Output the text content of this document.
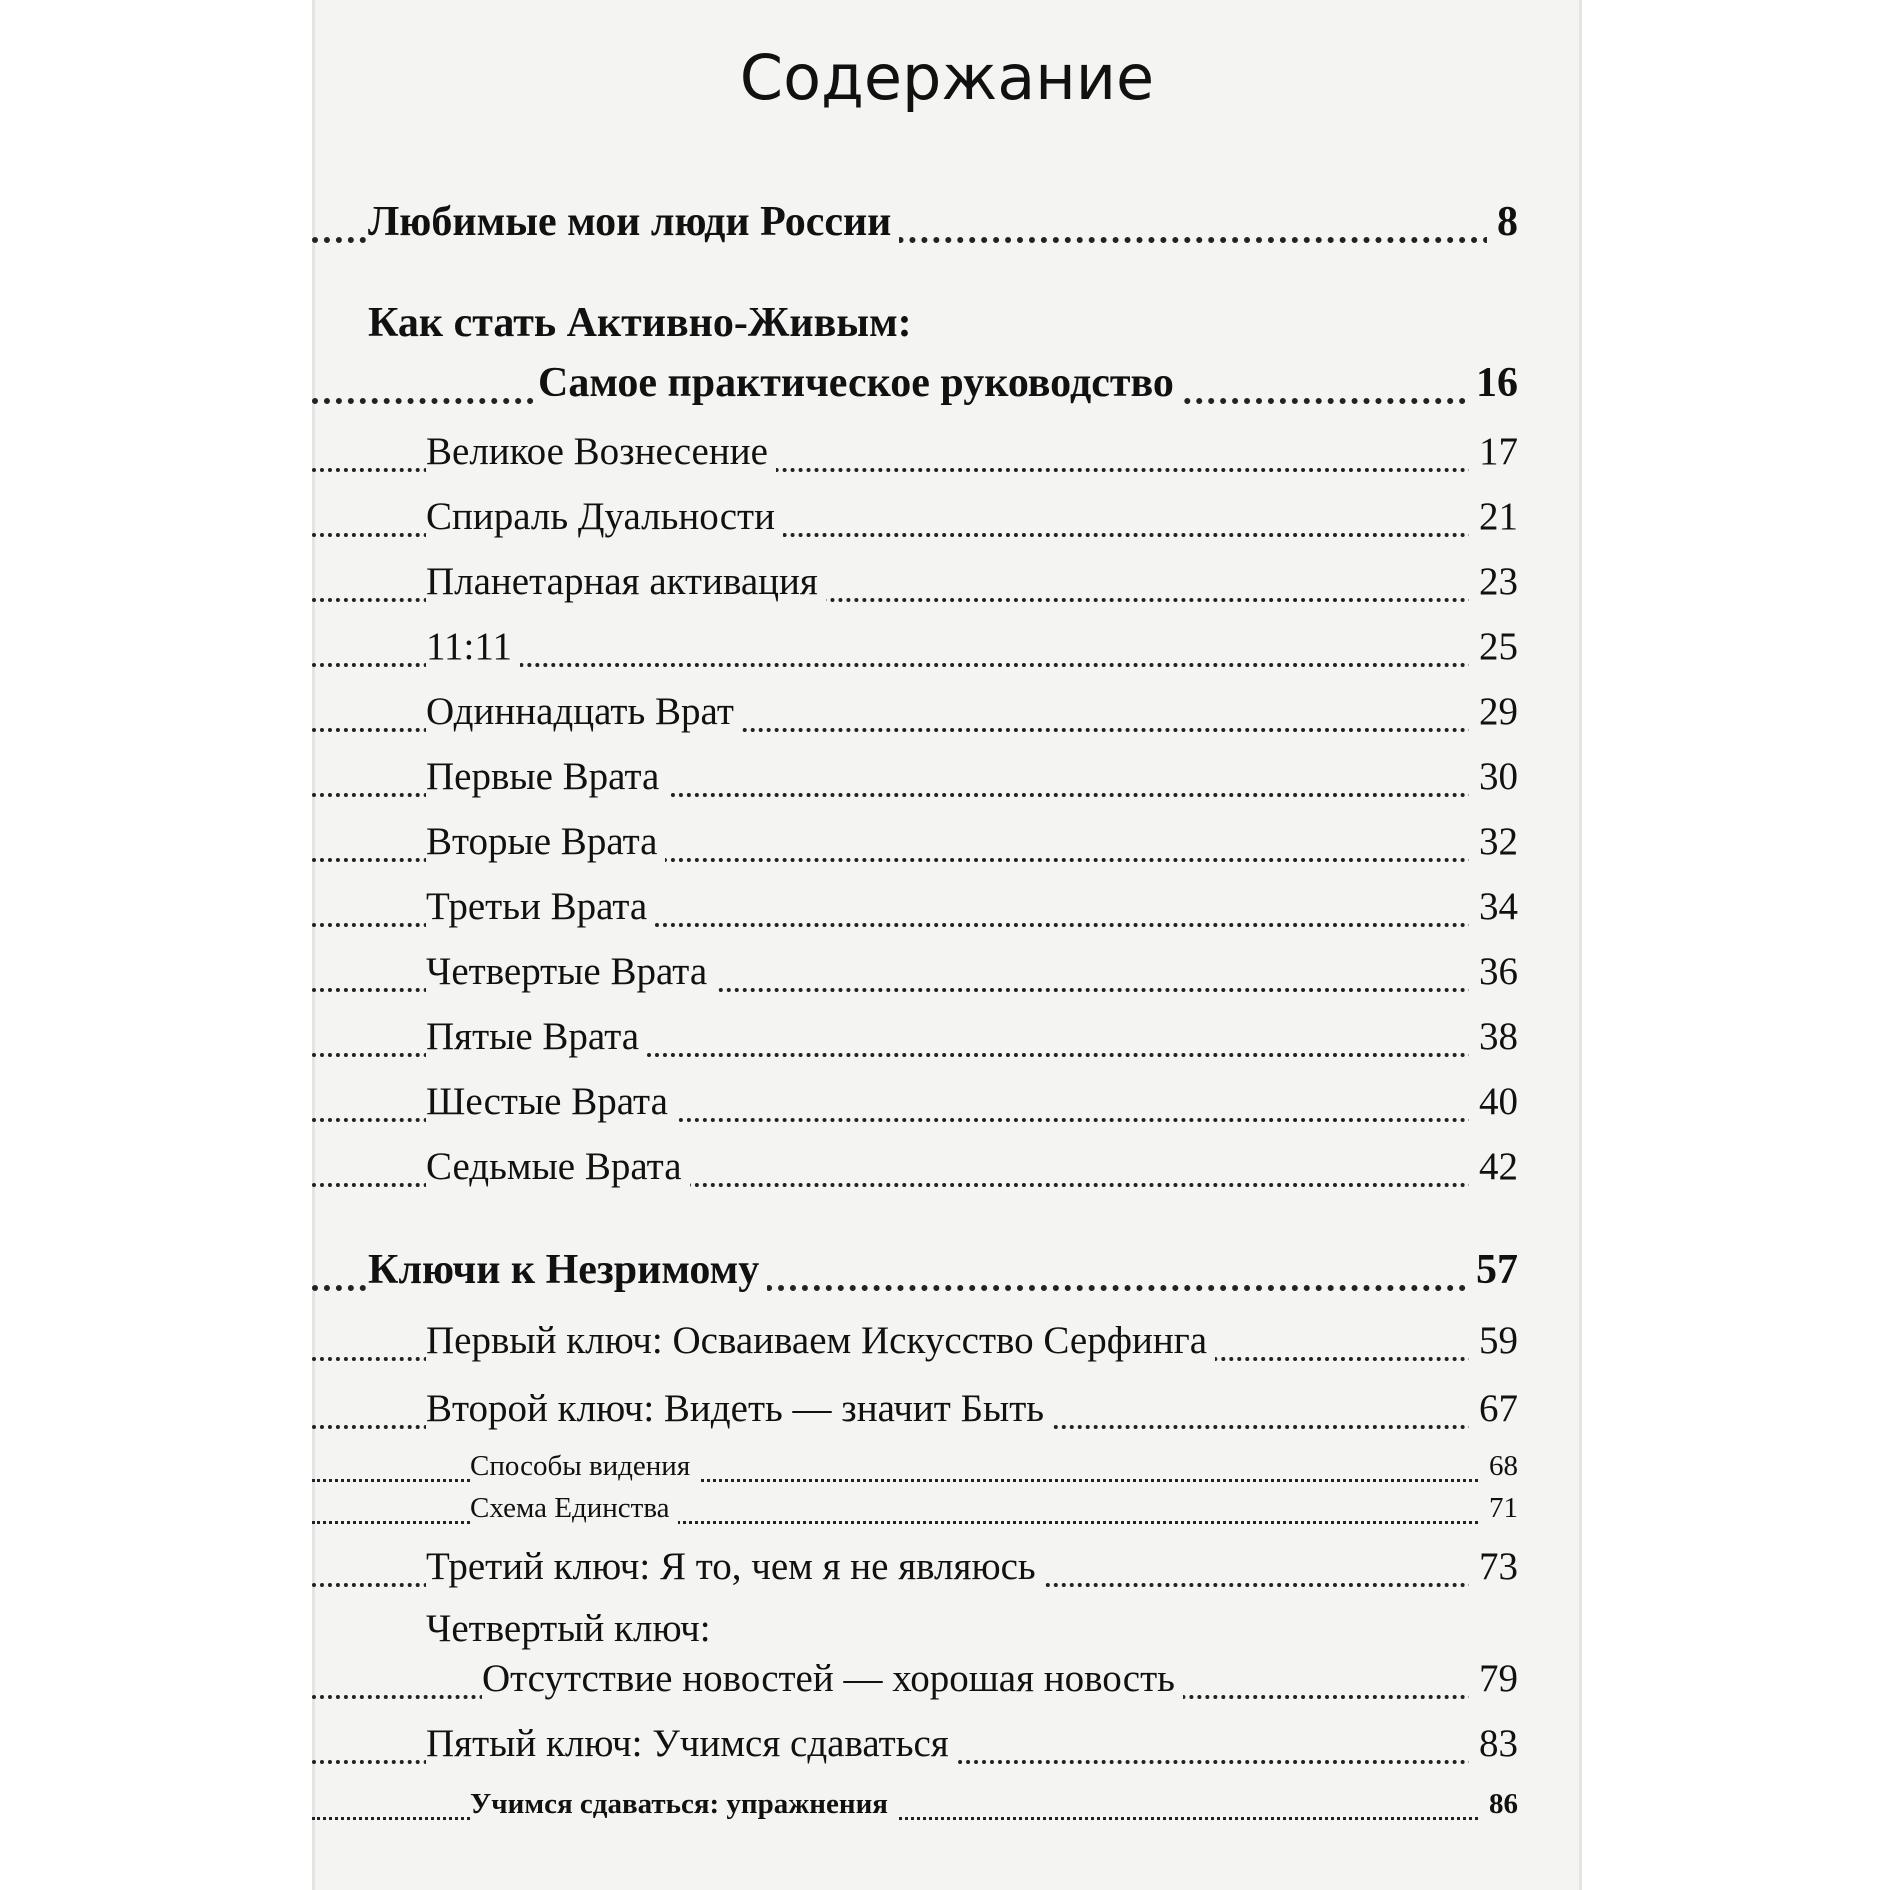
Содержание
Любимые мои люди России	8
Как стать Активно-Живым:
Самое практическое руководство	16
Великое Вознесение	17
Спираль Дуальности	21
Планетарная активация	23
11:11	25
Одиннадцать Врат	29
Первые Врата	30
Вторые Врата	32
Третьи Врата	34
Четвертые Врата	36
Пятые Врата	38
Шестые Врата	40
Седьмые Врата	42
Ключи к Незримому	57
Первый ключ: Осваиваем Искусство Серфинга	59
Второй ключ: Видеть — значит Быть	67
Способы видения	68
Схема Единства	71
Третий ключ: Я то, чем я не являюсь	73
Четвертый ключ:
Отсутствие новостей — хорошая новость	79
Пятый ключ: Учимся сдаваться	83
Учимся сдаваться: упражнения	86
